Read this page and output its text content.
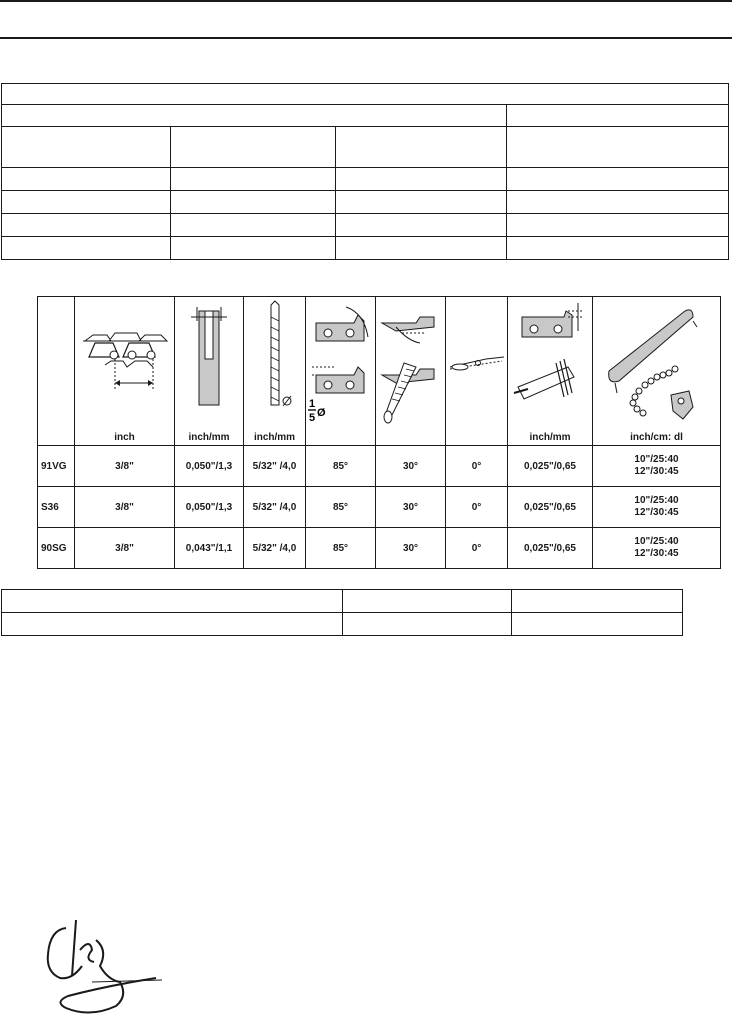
1
5 Ø

	inch	inch/mm	inch/mm				inch/mm	inch/cm: dl
91VG	3/8"	0,050"/1,3	5/32" /4,0	85°	30°	0°	0,025"/0,65	10"/25:40
12"/30:45

S36	3/8"	0,050"/1,3	5/32" /4,0	85°	30°	0°	0,025"/0,65	10"/25:40
12"/30:45

90SG	3/8"	0,043"/1,1	5/32" /4,0	85°	30°	0°	0,025"/0,65	10"/25:40
12"/30:45
